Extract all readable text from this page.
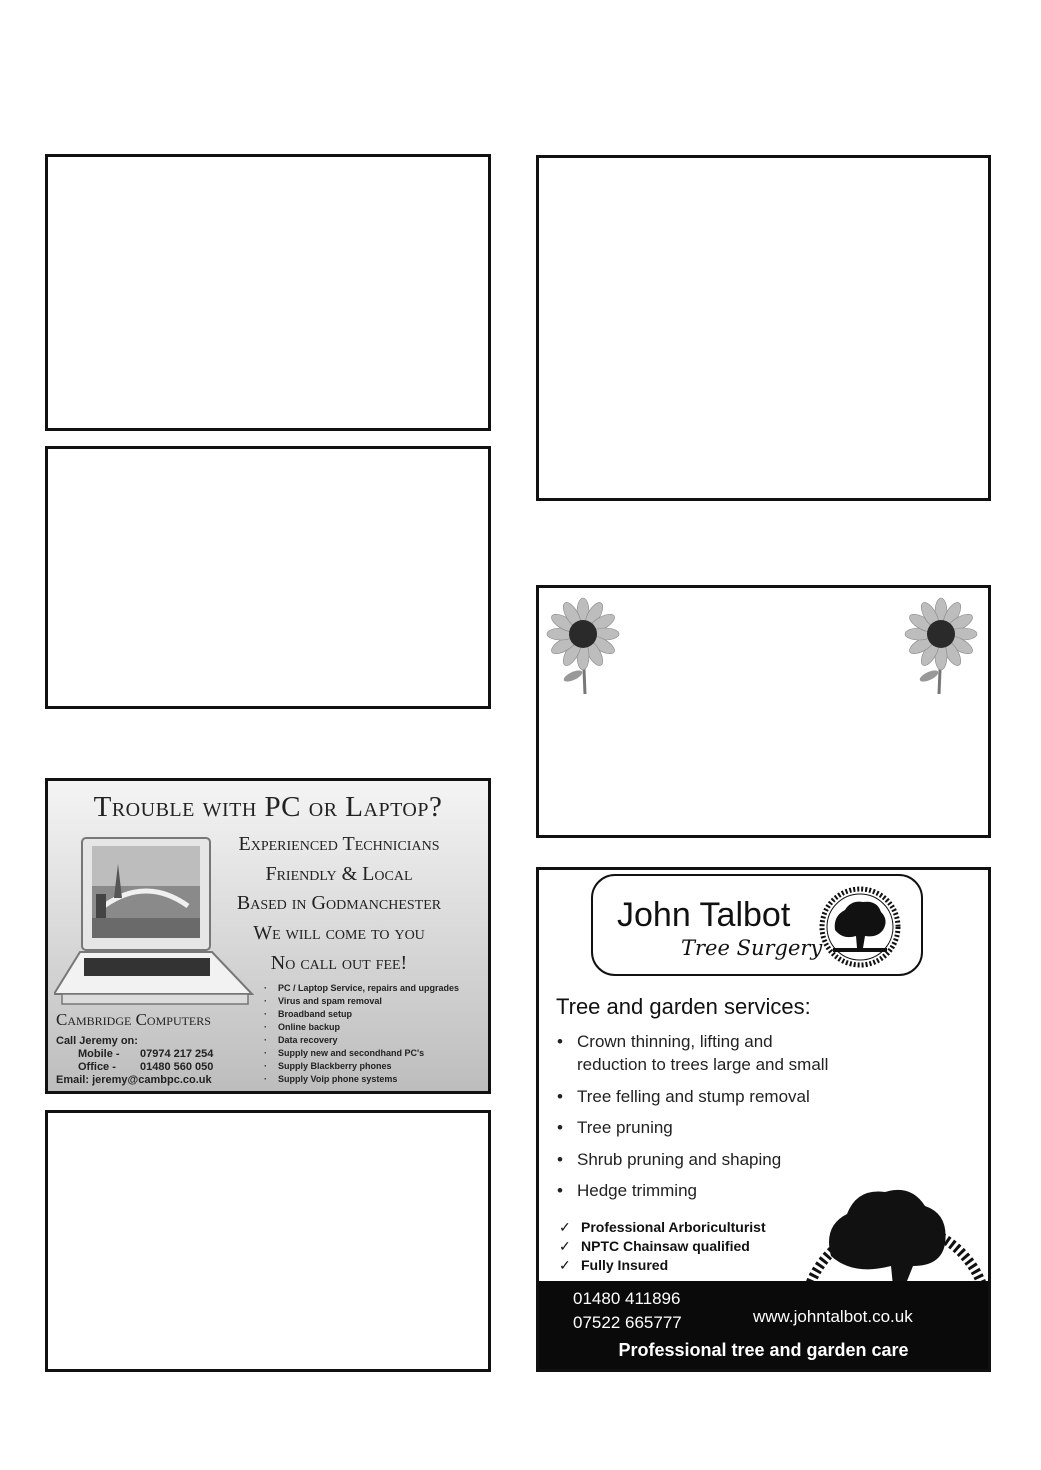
Trouble with PC or Laptop?
Experienced Technicians
Friendly & Local
Based in Godmanchester
We will come to you
No call out fee!
· PC / Laptop Service, repairs and upgrades
· Virus and spam removal
· Broadband setup
· Online backup
· Data recovery
· Supply new and secondhand PC's
· Supply Blackberry phones
· Supply Voip phone systems
Cambridge Computers
Call Jeremy on:
Mobile - 07974 217 254
Office - 01480 560 050
Email: jeremy@cambpc.co.uk
John Talbot
Tree Surgery
Tree and garden services:
• Crown thinning, lifting and
reduction to trees large and small
• Tree felling and stump removal
• Tree pruning
• Shrub pruning and shaping
• Hedge trimming
✓ Professional Arboriculturist
✓ NPTC Chainsaw qualified
✓ Fully Insured
01480 411896
07522 665777	www.johntalbot.co.uk
Professional tree and garden care
